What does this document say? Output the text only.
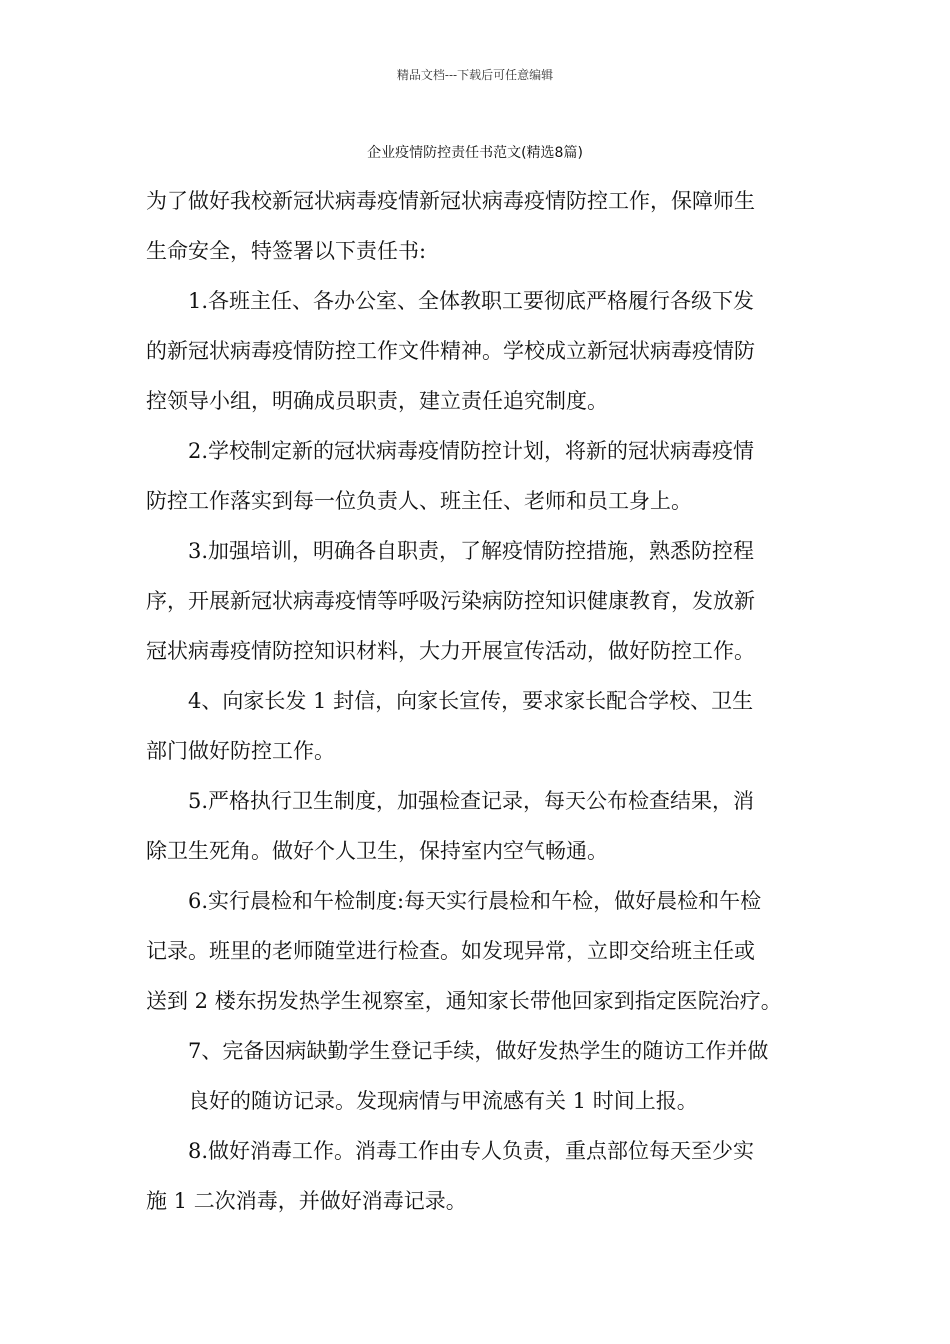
精品文档---下载后可任意编辑
企业疫情防控责任书范文(精选8篇)
为了做好我校新冠状病毒疫情新冠状病毒疫情防控工作，保障师生
生命安全，特签署以下责任书:
1.各班主任、各办公室、全体教职工要彻底严格履行各级下发
的新冠状病毒疫情防控工作文件精神。学校成立新冠状病毒疫情防
控领导小组，明确成员职责，建立责任追究制度。
2.学校制定新的冠状病毒疫情防控计划，将新的冠状病毒疫情
防控工作落实到每一位负责人、班主任、老师和员工身上。
3.加强培训，明确各自职责，了解疫情防控措施，熟悉防控程
序，开展新冠状病毒疫情等呼吸污染病防控知识健康教育，发放新
冠状病毒疫情防控知识材料，大力开展宣传活动，做好防控工作。
4、向家长发 1 封信，向家长宣传，要求家长配合学校、卫生
部门做好防控工作。
5.严格执行卫生制度，加强检查记录，每天公布检查结果，消
除卫生死角。做好个人卫生，保持室内空气畅通。
6.实行晨检和午检制度:每天实行晨检和午检，做好晨检和午检
记录。班里的老师随堂进行检查。如发现异常，立即交给班主任或
送到 2 楼东拐发热学生视察室，通知家长带他回家到指定医院治疗。
7、完备因病缺勤学生登记手续，做好发热学生的随访工作并做
良好的随访记录。发现病情与甲流感有关 1 时间上报。
8.做好消毒工作。消毒工作由专人负责，重点部位每天至少实
施 1 二次消毒，并做好消毒记录。
